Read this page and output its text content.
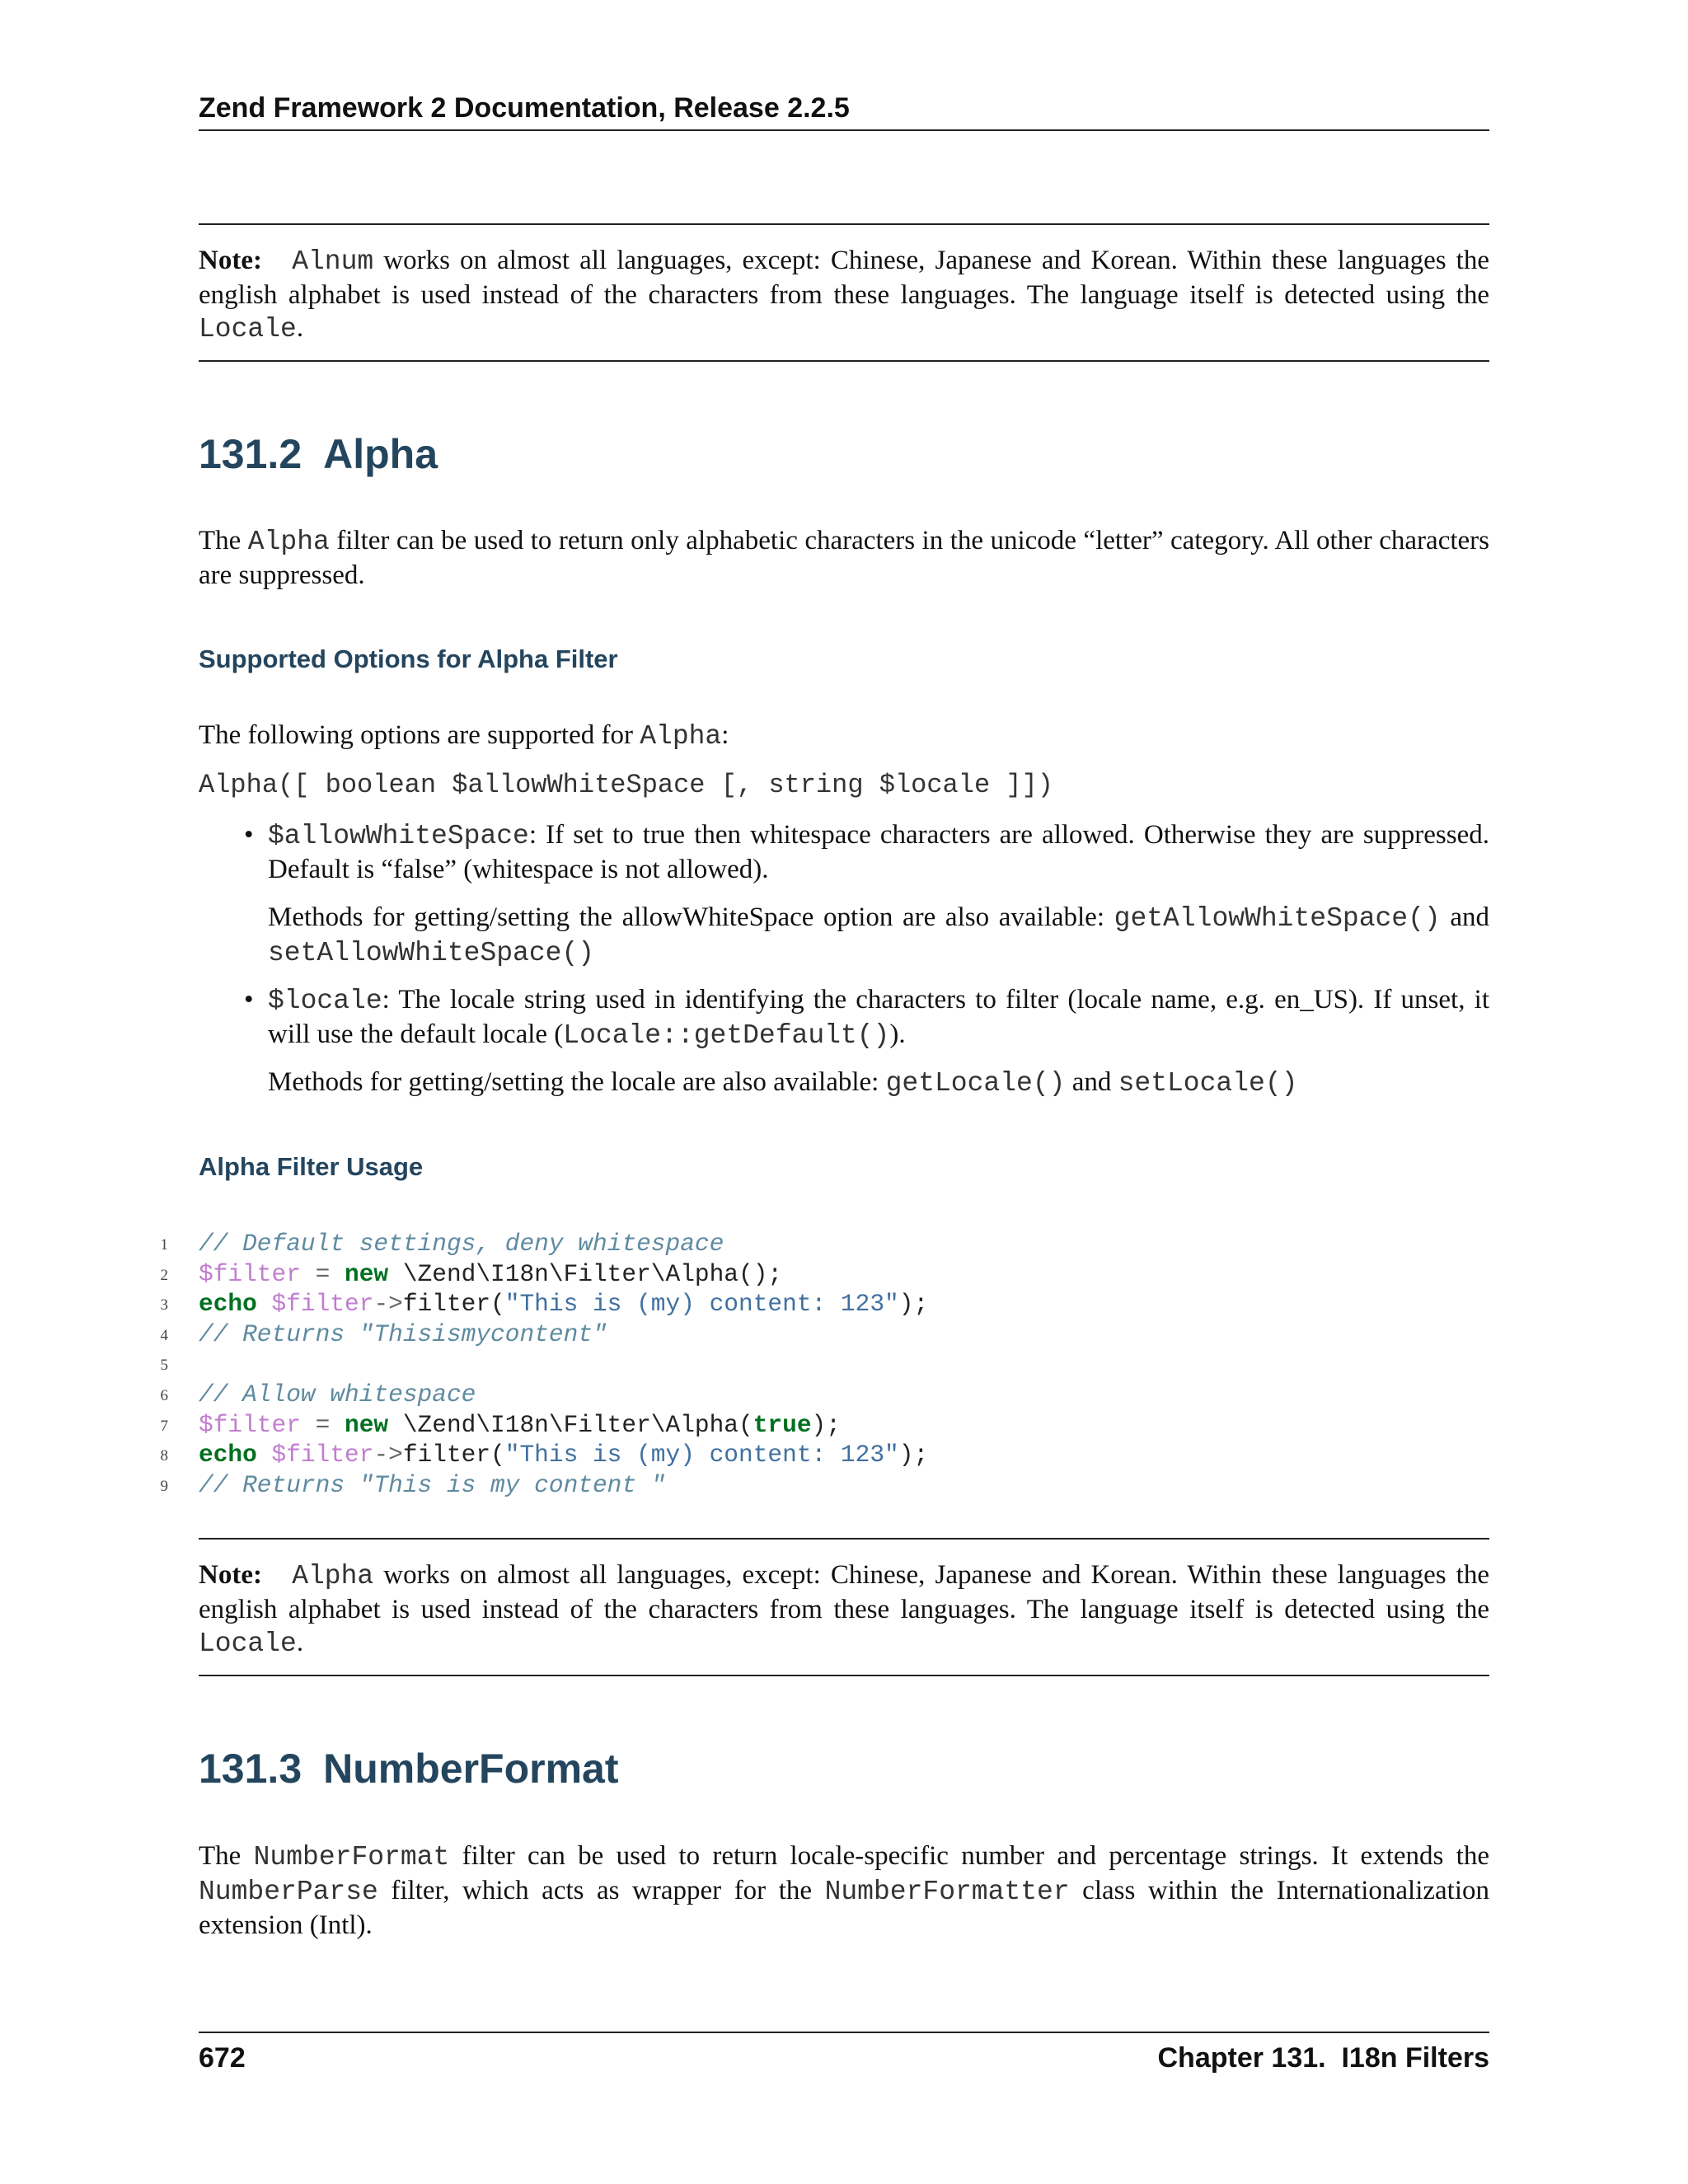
Zend Framework 2 Documentation, Release 2.2.5
Note: Alnum works on almost all languages, except: Chinese, Japanese and Korean. Within these languages the english alphabet is used instead of the characters from these languages. The language itself is detected using the Locale.
131.2 Alpha
The Alpha filter can be used to return only alphabetic characters in the unicode “letter” category. All other characters are suppressed.
Supported Options for Alpha Filter
The following options are supported for Alpha:
Alpha([ boolean $allowWhiteSpace [, string $locale ]])
• $allowWhiteSpace: If set to true then whitespace characters are allowed. Otherwise they are suppressed. Default is “false” (whitespace is not allowed).
Methods for getting/setting the allowWhiteSpace option are also available: getAllowWhiteSpace() and setAllowWhiteSpace()
• $locale: The locale string used in identifying the characters to filter (locale name, e.g. en_US). If unset, it will use the default locale (Locale::getDefault()).
Methods for getting/setting the locale are also available: getLocale() and setLocale()
Alpha Filter Usage
1 // Default settings, deny whitespace
2 $filter = new \Zend\I18n\Filter\Alpha();
3 echo $filter->filter("This is (my) content: 123");
4 // Returns "Thisismycontent"
5
6 // Allow whitespace
7 $filter = new \Zend\I18n\Filter\Alpha(true);
8 echo $filter->filter("This is (my) content: 123");
9 // Returns "This is my content "
Note: Alpha works on almost all languages, except: Chinese, Japanese and Korean. Within these languages the english alphabet is used instead of the characters from these languages. The language itself is detected using the Locale.
131.3 NumberFormat
The NumberFormat filter can be used to return locale-specific number and percentage strings. It extends the NumberParse filter, which acts as wrapper for the NumberFormatter class within the Internationalization extension (Intl).
672	Chapter 131.  I18n Filters
